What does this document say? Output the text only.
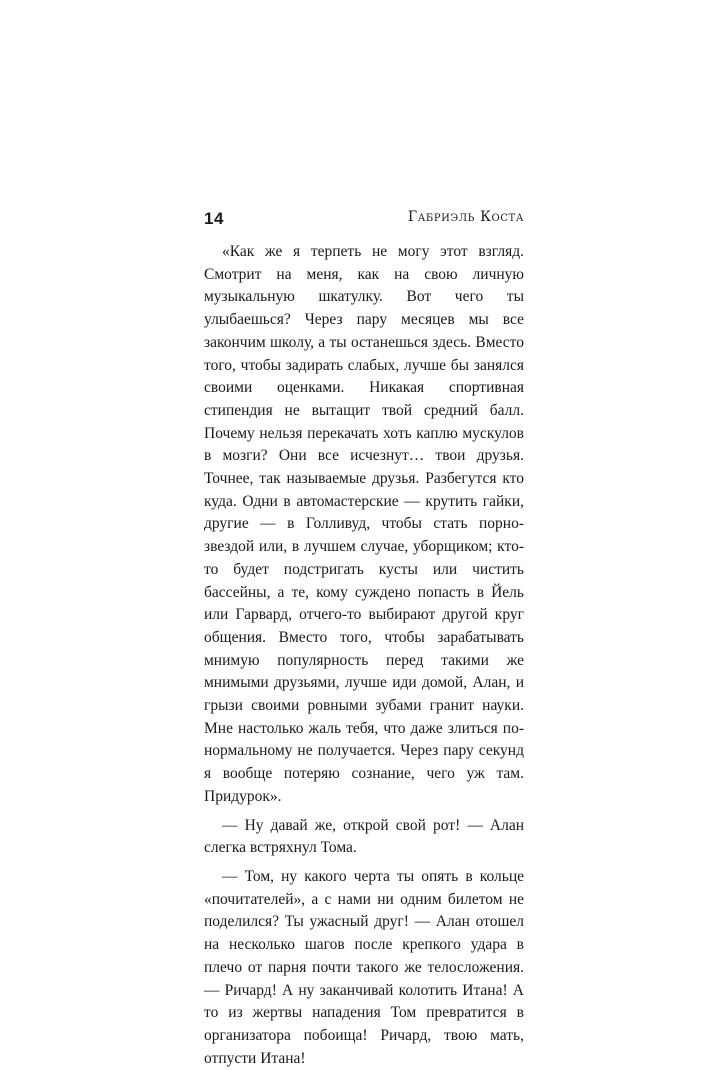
14	Габриэль Коста

«Как же я терпеть не могу этот взгляд. Смотрит на меня, как на свою личную музыкальную шкатулку. Вот чего ты улыбаешься? Через пару месяцев мы все закончим школу, а ты останешься здесь. Вместо того, чтобы задирать слабых, лучше бы занялся своими оценками. Никакая спортивная стипендия не вытащит твой средний балл. Почему нельзя перекачать хоть каплю мускулов в мозги? Они все исчезнут… твои друзья. Точнее, так называемые друзья. Разбегутся кто куда. Одни в автомастерские — крутить гайки, другие — в Голливуд, чтобы стать порно-звездой или, в лучшем случае, уборщиком; кто-то будет подстригать кусты или чистить бассейны, а те, кому суждено попасть в Йель или Гарвард, отчего-то выбирают другой круг общения. Вместо того, чтобы зарабатывать мнимую популярность перед такими же мнимыми друзьями, лучше иди домой, Алан, и грызи своими ровными зубами гранит науки. Мне настолько жаль тебя, что даже злиться по-нормальному не получается. Через пару секунд я вообще потеряю сознание, чего уж там. Придурок».

— Ну давай же, открой свой рот! — Алан слегка встряхнул Тома.

— Том, ну какого черта ты опять в кольце «почитателей», а с нами ни одним билетом не поделился? Ты ужасный друг! — Алан отошел на несколько шагов после крепкого удара в плечо от парня почти такого же телосложения. — Ричард! А ну заканчивай колотить Итана! А то из жертвы нападения Том превратится в организатора побоища! Ричард, твою мать, отпусти Итана!
